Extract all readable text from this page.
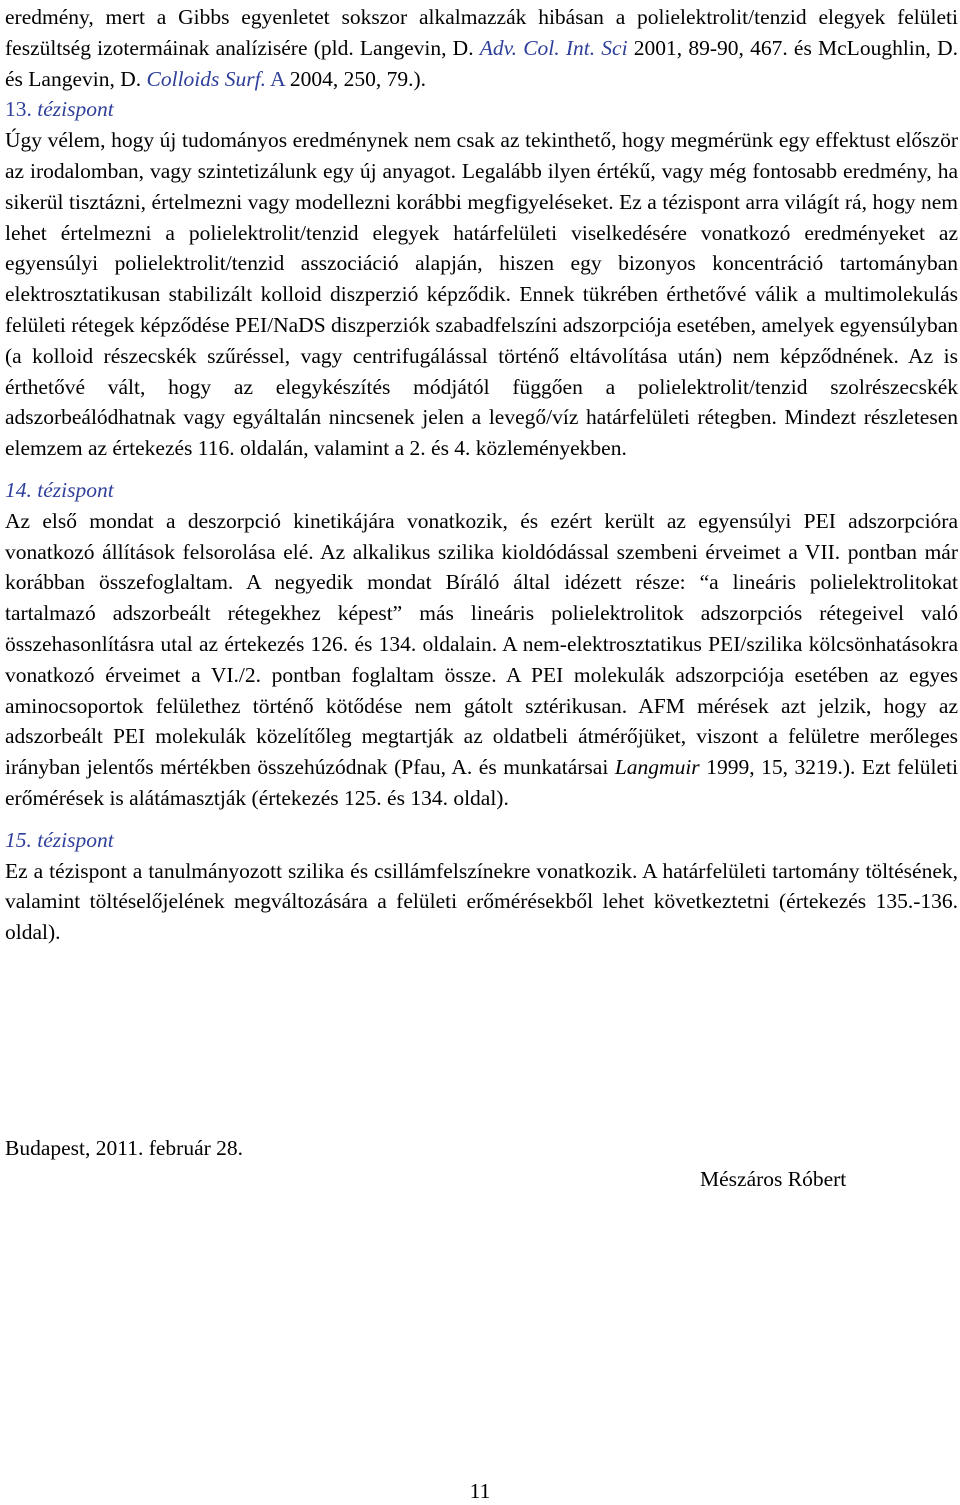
eredmény, mert a Gibbs egyenletet sokszor alkalmazzák hibásan a polielektrolit/tenzid elegyek felületi feszültség izotermáinak analízisére (pld. Langevin, D. Adv. Col. Int. Sci 2001, 89-90, 467. és McLoughlin, D. és Langevin, D. Colloids Surf. A 2004, 250, 79.).

13. tézispont

Úgy vélem, hogy új tudományos eredménynek nem csak az tekinthető, hogy megmérünk egy effektust először az irodalomban, vagy szintetizálunk egy új anyagot. Legalább ilyen értékű, vagy még fontosabb eredmény, ha sikerül tisztázni, értelmezni vagy modellezni korábbi megfigyeléseket. Ez a tézispont arra világít rá, hogy nem lehet értelmezni a polielektrolit/tenzid elegyek határfelületi viselkedésére vonatkozó eredményeket az egyensúlyi polielektrolit/tenzid asszociáció alapján, hiszen egy bizonyos koncentráció tartományban elektrosztatikusan stabilizált kolloid diszperzió képződik. Ennek tükrében érthetővé válik a multimolekulás felületi rétegek képződése PEI/NaDS diszperziók szabadfelszíni adszorpciója esetében, amelyek egyensúlyban (a kolloid részecskék szűréssel, vagy centrifugálással történő eltávolítása után) nem képződnének. Az is érthetővé vált, hogy az elegykészítés módjától függően a polielektrolit/tenzid szolrészecskék adszorbeálódhatnak vagy egyáltalán nincsenek jelen a levegő/víz határfelületi rétegben. Mindezt részletesen elemzem az értekezés 116. oldalán, valamint a 2. és 4. közleményekben.

14. tézispont

Az első mondat a deszorpció kinetikájára vonatkozik, és ezért került az egyensúlyi PEI adszorpcióra vonatkozó állítások felsorolása elé. Az alkalikus szilika kioldódással szembeni érveimet a VII. pontban már korábban összefoglaltam. A negyedik mondat Bíráló által idézett része: “a lineáris polielektrolitokat tartalmazó adszorbeált rétegekhez képest” más lineáris polielektrolitok adszorpciós rétegeivel való összehasonlításra utal az értekezés 126. és 134. oldalain. A nem-elektrosztatikus PEI/szilika kölcsönhatásokra vonatkozó érveimet a VI./2. pontban foglaltam össze. A PEI molekulák adszorpciója esetében az egyes aminocsoportok felülethez történő kötődése nem gátolt sztérikusan. AFM mérések azt jelzik, hogy az adszorbeált PEI molekulák közelítőleg megtartják az oldatbeli átmérőjüket, viszont a felületre merőleges irányban jelentős mértékben összehúzódnak (Pfau, A. és munkatársai Langmuir 1999, 15, 3219.). Ezt felületi erőmérések is alátámasztják (értekezés 125. és 134. oldal).

15. tézispont

Ez a tézispont a tanulmányozott szilika és csillámfelszínekre vonatkozik. A határfelületi tartomány töltésének, valamint töltéselőjelének megváltozására a felületi erőmérésekből lehet következtetni (értekezés 135.-136. oldal).

Budapest, 2011. február 28.
Mészáros Róbert
11
